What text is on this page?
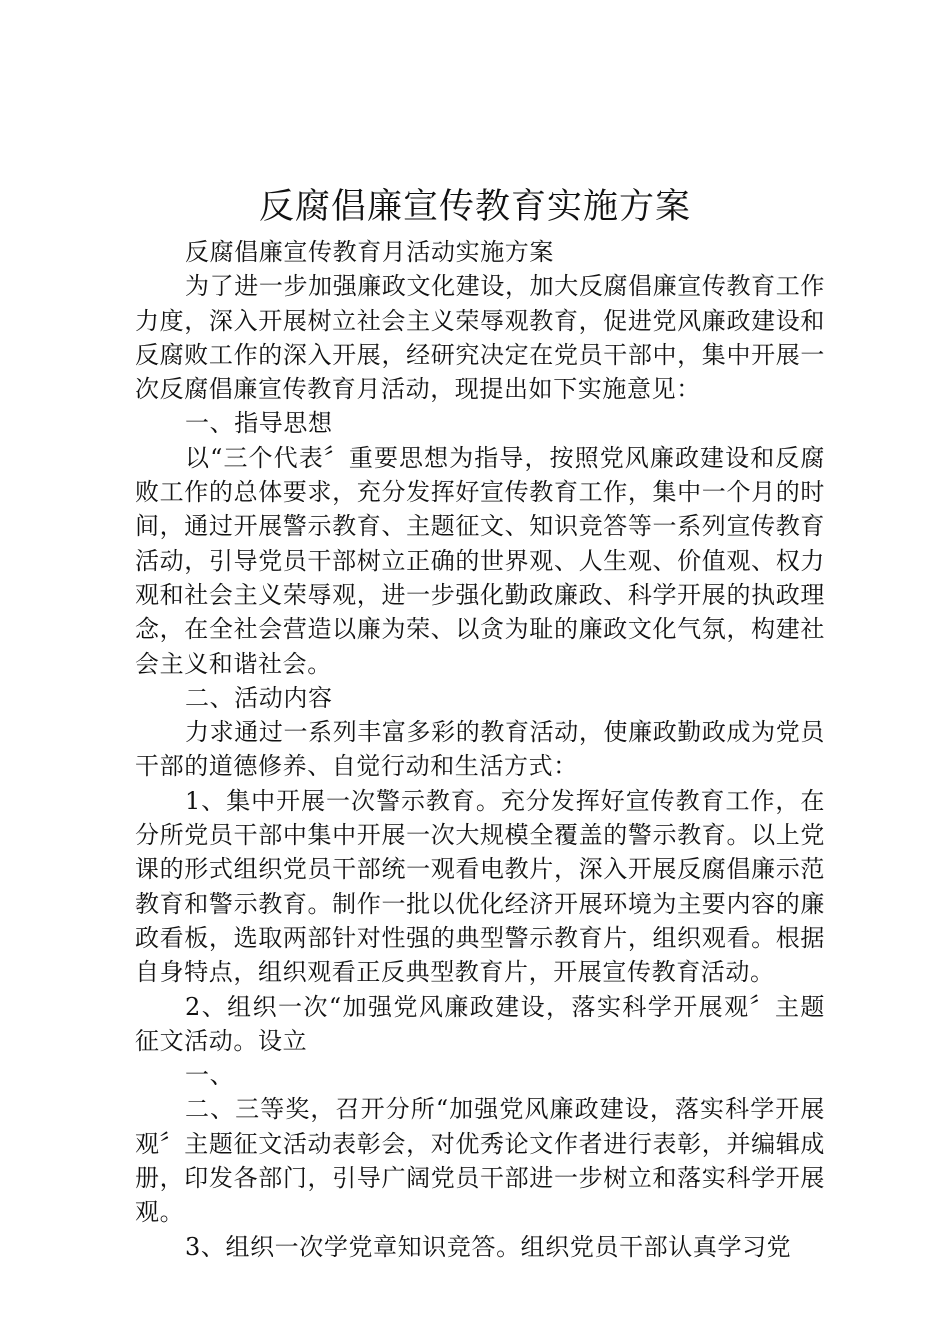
反腐倡廉宣传教育实施方案

反腐倡廉宣传教育月活动实施方案

为了进一步加强廉政文化建设，加大反腐倡廉宣传教育工作力度，深入开展树立社会主义荣辱观教育，促进党风廉政建设和反腐败工作的深入开展，经研究决定在党员干部中，集中开展一次反腐倡廉宣传教育月活动，现提出如下实施意见：

一、指导思想

以“三个代表〞重要思想为指导，按照党风廉政建设和反腐败工作的总体要求，充分发挥好宣传教育工作，集中一个月的时间，通过开展警示教育、主题征文、知识竞答等一系列宣传教育活动，引导党员干部树立正确的世界观、人生观、价值观、权力观和社会主义荣辱观，进一步强化勤政廉政、科学开展的执政理念，在全社会营造以廉为荣、以贪为耻的廉政文化气氛，构建社会主义和谐社会。

二、活动内容

力求通过一系列丰富多彩的教育活动，使廉政勤政成为党员干部的道德修养、自觉行动和生活方式：

1、集中开展一次警示教育。充分发挥好宣传教育工作，在分所党员干部中集中开展一次大规模全覆盖的警示教育。以上党课的形式组织党员干部统一观看电教片，深入开展反腐倡廉示范教育和警示教育。制作一批以优化经济开展环境为主要内容的廉政看板，选取两部针对性强的典型警示教育片，组织观看。根据自身特点，组织观看正反典型教育片，开展宣传教育活动。

2、组织一次“加强党风廉政建设，落实科学开展观〞主题征文活动。设立

一、

二、三等奖，召开分所“加强党风廉政建设，落实科学开展观〞主题征文活动表彰会，对优秀论文作者进行表彰，并编辑成册，印发各部门，引导广阔党员干部进一步树立和落实科学开展观。

3、组织一次学党章知识竞答。组织党员干部认真学习党
